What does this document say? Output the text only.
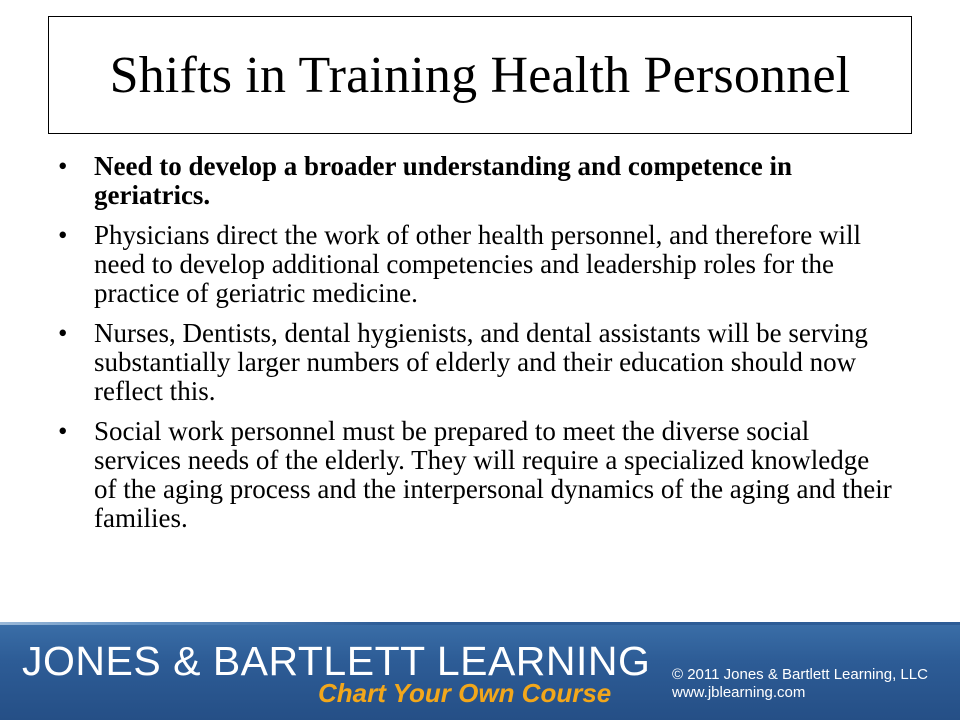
Shifts in Training Health Personnel
• Need to develop a broader understanding and competence in geriatrics.
• Physicians direct the work of other health personnel, and therefore will need to develop additional competencies and leadership roles for the practice of geriatric medicine.
• Nurses, Dentists, dental hygienists, and dental assistants will be serving substantially larger numbers of elderly and their education should now reflect this.
• Social work personnel must be prepared to meet the diverse social services needs of the elderly. They will require a specialized knowledge of the aging process and the interpersonal dynamics of the aging and their families.
JONES & BARTLETT LEARNING
Chart Your Own Course
© 2011 Jones & Bartlett Learning, LLC
www.jblearning.com
